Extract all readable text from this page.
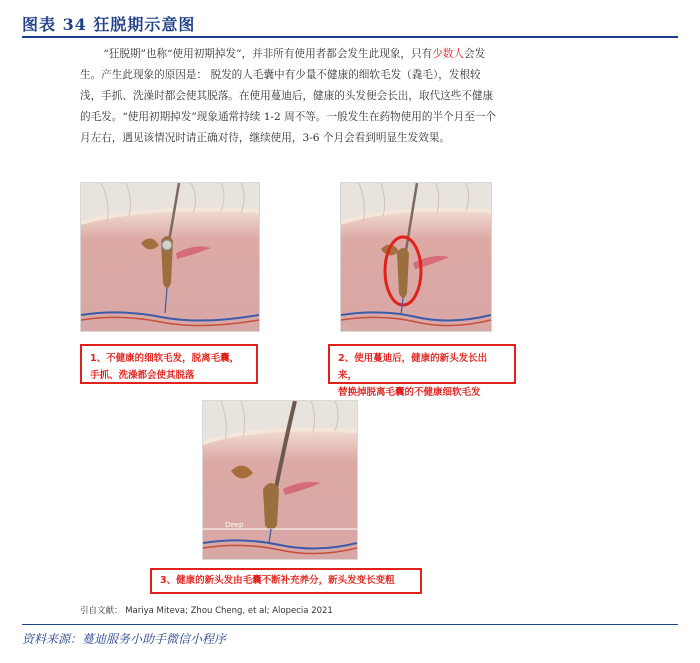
图表 34 狂脱期示意图

“狂脱期”也称“使用初期掉发”，并非所有使用者都会发生此现象，只有少数人会发生。产生此现象的原因是： 脱发的人毛囊中有少量不健康的细软毛发（毳毛），发根较浅，手抓、洗澡时都会使其脱落。在使用蔓迪后，健康的头发便会长出，取代这些不健康的毛发。“使用初期掉发”现象通常持续 1-2 周不等。一般发生在药物使用的半个月至一个月左右，遇见该情况时请正确对待，继续使用，3-6 个月会看到明显生发效果。

1、不健康的细软毛发，脱离毛囊，
手抓、洗澡都会使其脱落
2、使用蔓迪后，健康的新头发长出来，
替换掉脱离毛囊的不健康细软毛发
Deep
3、健康的新头发由毛囊不断补充养分，新头发变长变粗
引自文献： Mariya Miteva; Zhou Cheng, et al; Alopecia 2021
资料来源：蔓迪服务小助手微信小程序
